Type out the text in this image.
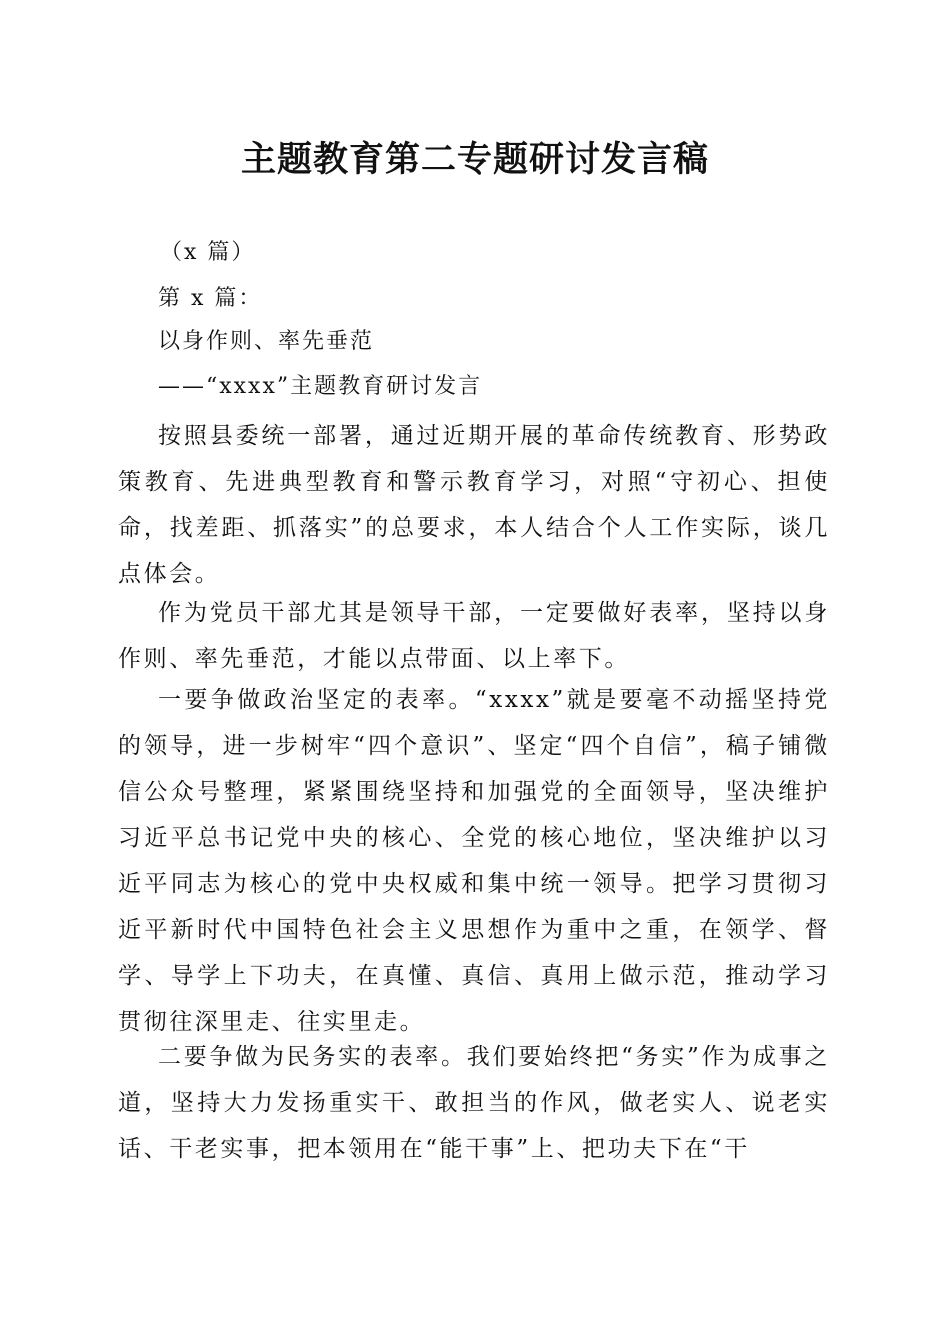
主题教育第二专题研讨发言稿
（x 篇）
第 x 篇：
以身作则、率先垂范
——“xxxx”主题教育研讨发言

按照县委统一部署，通过近期开展的革命传统教育、形势政策教育、先进典型教育和警示教育学习，对照“守初心、担使命，找差距、抓落实”的总要求，本人结合个人工作实际，谈几点体会。

作为党员干部尤其是领导干部，一定要做好表率，坚持以身作则、率先垂范，才能以点带面、以上率下。

一要争做政治坚定的表率。“xxxx”就是要毫不动摇坚持党的领导，进一步树牢“四个意识”、坚定“四个自信”，稿子铺微信公众号整理，紧紧围绕坚持和加强党的全面领导，坚决维护习近平总书记党中央的核心、全党的核心地位，坚决维护以习近平同志为核心的党中央权威和集中统一领导。把学习贯彻习近平新时代中国特色社会主义思想作为重中之重，在领学、督学、导学上下功夫，在真懂、真信、真用上做示范，推动学习贯彻往深里走、往实里走。

二要争做为民务实的表率。我们要始终把“务实”作为成事之道，坚持大力发扬重实干、敢担当的作风，做老实人、说老实话、干老实事，把本领用在“能干事”上、把功夫下在“干
